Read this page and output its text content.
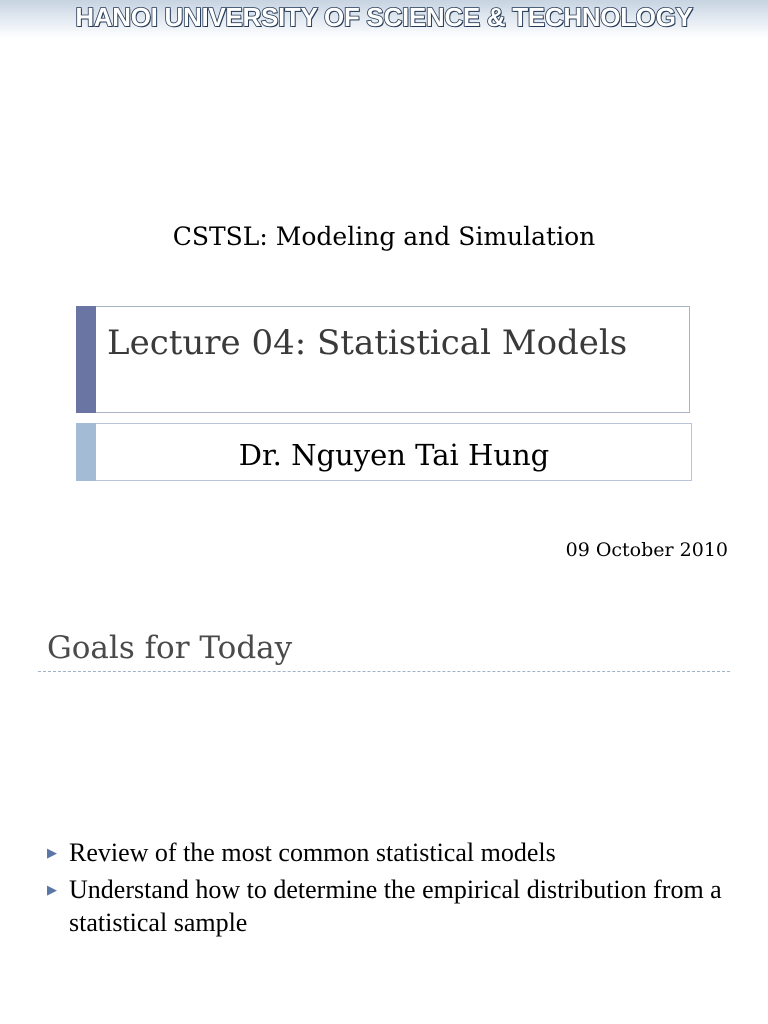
HANOI UNIVERSITY OF SCIENCE & TECHNOLOGY
CSTSL: Modeling and Simulation
Lecture 04: Statistical Models
Dr. Nguyen Tai Hung
09 October 2010
Goals for Today
▶ Review of the most common statistical models
▶ Understand how to determine the empirical distribution from a statistical sample
